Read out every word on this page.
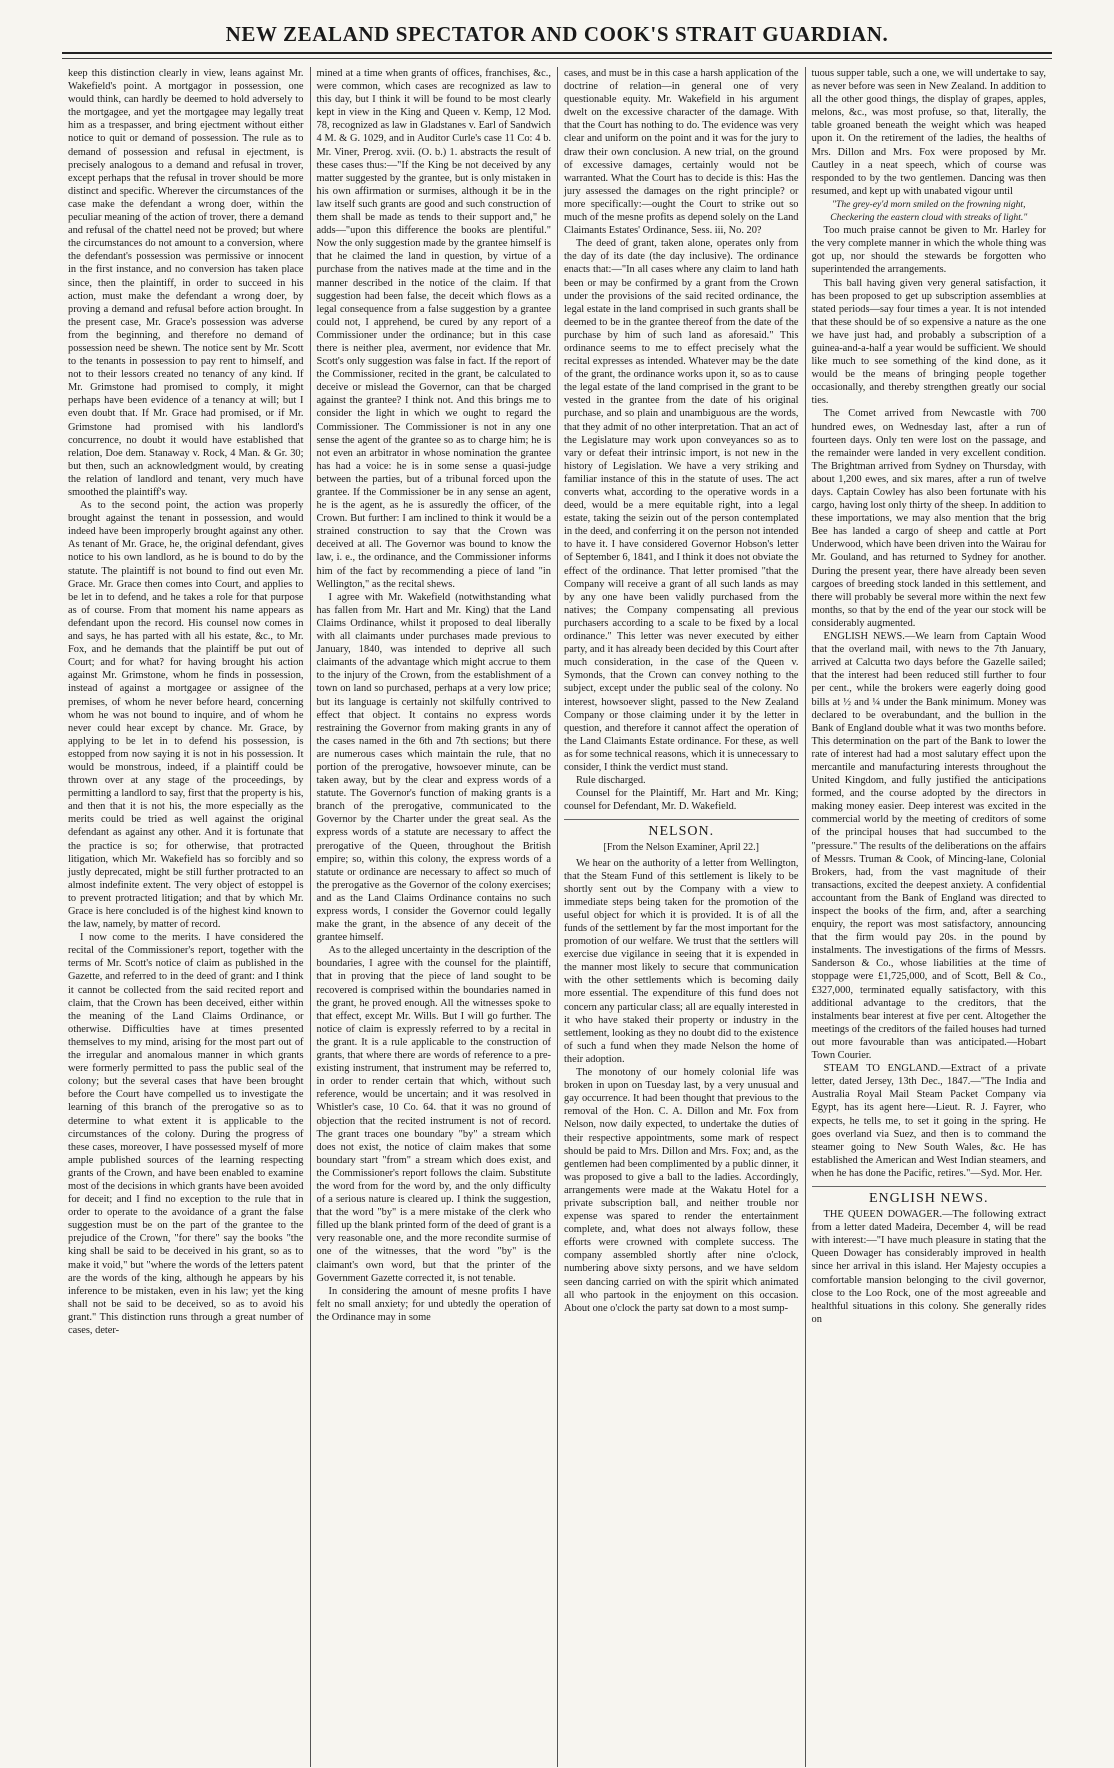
NEW ZEALAND SPECTATOR AND COOK'S STRAIT GUARDIAN.

keep this distinction clearly in view, leans against Mr. Wakefield's point. A mortgagor in possession, one would think, can hardly be deemed to hold adversely to the mortgagee, and yet the mortgagee may legally treat him as a trespasser, and bring ejectment without either notice to quit or demand of possession. The rule as to demand of possession and refusal in ejectment, is precisely analogous to a demand and refusal in trover, except perhaps that the refusal in trover should be more distinct and specific. Wherever the circumstances of the case make the defendant a wrong doer, within the peculiar meaning of the action of trover, there a demand and refusal of the chattel need not be proved; but where the circumstances do not amount to a conversion, where the defendant's possession was permissive or innocent in the first instance, and no conversion has taken place since, then the plaintiff, in order to succeed in his action, must make the defendant a wrong doer, by proving a demand and refusal before action brought. In the present case, Mr. Grace's possession was adverse from the beginning, and therefore no demand of possession need be shewn. The notice sent by Mr. Scott to the tenants in possession to pay rent to himself, and not to their lessors created no tenancy of any kind. If Mr. Grimstone had promised to comply, it might perhaps have been evidence of a tenancy at will; but I even doubt that. If Mr. Grace had promised, or if Mr. Grimstone had promised with his landlord's concurrence, no doubt it would have established that relation, Doe dem. Stanaway v. Rock, 4 Man. & Gr. 30; but then, such an acknowledgment would, by creating the relation of landlord and tenant, very much have smoothed the plaintiff's way.

As to the second point, the action was properly brought against the tenant in possession, and would indeed have been improperly brought against any other. As tenant of Mr. Grace, he, the original defendant, gives notice to his own landlord, as he is bound to do by the statute. The plaintiff is not bound to find out even Mr. Grace. Mr. Grace then comes into Court, and applies to be let in to defend, and he takes a role for that purpose as of course. From that moment his name appears as defendant upon the record. His counsel now comes in and says, he has parted with all his estate, &c., to Mr. Fox, and he demands that the plaintiff be put out of Court; and for what? for having brought his action against Mr. Grimstone, whom he finds in possession, instead of against a mortgagee or assignee of the premises, of whom he never before heard, concerning whom he was not bound to inquire, and of whom he never could hear except by chance. Mr. Grace, by applying to be let in to defend his possession, is estopped from now saying it is not in his possession. It would be monstrous, indeed, if a plaintiff could be thrown over at any stage of the proceedings, by permitting a landlord to say, first that the property is his, and then that it is not his, the more especially as the merits could be tried as well against the original defendant as against any other. And it is fortunate that the practice is so; for otherwise, that protracted litigation, which Mr. Wakefield has so forcibly and so justly deprecated, might be still further protracted to an almost indefinite extent. The very object of estoppel is to prevent protracted litigation; and that by which Mr. Grace is here concluded is of the highest kind known to the law, namely, by matter of record.

I now come to the merits. I have considered the recital of the Commissioner's report, together with the terms of Mr. Scott's notice of claim as published in the Gazette, and referred to in the deed of grant: and I think it cannot be collected from the said recited report and claim, that the Crown has been deceived, either within the meaning of the Land Claims Ordinance, or otherwise. Difficulties have at times presented themselves to my mind, arising for the most part out of the irregular and anomalous manner in which grants were formerly permitted to pass the public seal of the colony; but the several cases that have been brought before the Court have compelled us to investigate the learning of this branch of the prerogative so as to determine to what extent it is applicable to the circumstances of the colony. During the progress of these cases, moreover, I have possessed myself of more ample published sources of the learning respecting grants of the Crown, and have been enabled to examine most of the decisions in which grants have been avoided for deceit; and I find no exception to the rule that in order to operate to the avoidance of a grant the false suggestion must be on the part of the grantee to the prejudice of the Crown, "for there" say the books "the king shall be said to be deceived in his grant, so as to make it void," but "where the words of the letters patent are the words of the king, although he appears by his inference to be mistaken, even in his law; yet the king shall not be said to be deceived, so as to avoid his grant." This distinction runs through a great number of cases, deter-

mined at a time when grants of offices, franchises, &c., were common, which cases are recognized as law to this day, but I think it will be found to be most clearly kept in view in the King and Queen v. Kemp, 12 Mod. 78, recognized as law in Gladstanes v. Earl of Sandwich 4 M. & G. 1029, and in Auditor Curle's case 11 Co: 4 b. Mr. Viner, Prerog. xvii. (O. b.) 1. abstracts the result of these cases thus:—"If the King be not deceived by any matter suggested by the grantee, but is only mistaken in his own affirmation or surmises, although it be in the law itself such grants are good and such construction of them shall be made as tends to their support and," he adds—"upon this difference the books are plentiful." Now the only suggestion made by the grantee himself is that he claimed the land in question, by virtue of a purchase from the natives made at the time and in the manner described in the notice of the claim. If that suggestion had been false, the deceit which flows as a legal consequence from a false suggestion by a grantee could not, I apprehend, be cured by any report of a Commissioner under the ordinance; but in this case there is neither plea, averment, nor evidence that Mr. Scott's only suggestion was false in fact. If the report of the Commissioner, recited in the grant, be calculated to deceive or mislead the Governor, can that be charged against the grantee? I think not. And this brings me to consider the light in which we ought to regard the Commissioner. The Commissioner is not in any one sense the agent of the grantee so as to charge him; he is not even an arbitrator in whose nomination the grantee has had a voice: he is in some sense a quasi-judge between the parties, but of a tribunal forced upon the grantee. If the Commissioner be in any sense an agent, he is the agent, as he is assuredly the officer, of the Crown. But further: I am inclined to think it would be a strained construction to say that the Crown was deceived at all. The Governor was bound to know the law, i. e., the ordinance, and the Commissioner informs him of the fact by recommending a piece of land "in Wellington," as the recital shews.

I agree with Mr. Wakefield (notwithstanding what has fallen from Mr. Hart and Mr. King) that the Land Claims Ordinance, whilst it proposed to deal liberally with all claimants under purchases made previous to January, 1840, was intended to deprive all such claimants of the advantage which might accrue to them to the injury of the Crown, from the establishment of a town on land so purchased, perhaps at a very low price; but its language is certainly not skilfully contrived to effect that object. It contains no express words restraining the Governor from making grants in any of the cases named in the 6th and 7th sections; but there are numerous cases which maintain the rule, that no portion of the prerogative, howsoever minute, can be taken away, but by the clear and express words of a statute. The Governor's function of making grants is a branch of the prerogative, communicated to the Governor by the Charter under the great seal. As the express words of a statute are necessary to affect the prerogative of the Queen, throughout the British empire; so, within this colony, the express words of a statute or ordinance are necessary to affect so much of the prerogative as the Governor of the colony exercises; and as the Land Claims Ordinance contains no such express words, I consider the Governor could legally make the grant, in the absence of any deceit of the grantee himself.

As to the alleged uncertainty in the description of the boundaries, I agree with the counsel for the plaintiff, that in proving that the piece of land sought to be recovered is comprised within the boundaries named in the grant, he proved enough. All the witnesses spoke to that effect, except Mr. Wills. But I will go further. The notice of claim is expressly referred to by a recital in the grant. It is a rule applicable to the construction of grants, that where there are words of reference to a pre-existing instrument, that instrument may be referred to, in order to render certain that which, without such reference, would be uncertain; and it was resolved in Whistler's case, 10 Co. 64. that it was no ground of objection that the recited instrument is not of record. The grant traces one boundary "by" a stream which does not exist, the notice of claim makes that some boundary start "from" a stream which does exist, and the Commissioner's report follows the claim. Substitute the word from for the word by, and the only difficulty of a serious nature is cleared up. I think the suggestion, that the word "by" is a mere mistake of the clerk who filled up the blank printed form of the deed of grant is a very reasonable one, and the more recondite surmise of one of the witnesses, that the word "by" is the claimant's own word, but that the printer of the Government Gazette corrected it, is not tenable.

In considering the amount of mesne profits I have felt no small anxiety; for und ubtedly the operation of the Ordinance may in some

cases, and must be in this case a harsh application of the doctrine of relation—in general one of very questionable equity. Mr. Wakefield in his argument dwelt on the excessive character of the damage. With that the Court has nothing to do. The evidence was very clear and uniform on the point and it was for the jury to draw their own conclusion. A new trial, on the ground of excessive damages, certainly would not be warranted. What the Court has to decide is this: Has the jury assessed the damages on the right principle? or more specifically:—ought the Court to strike out so much of the mesne profits as depend solely on the Land Claimants Estates' Ordinance, Sess. iii, No. 20?

The deed of grant, taken alone, operates only from the day of its date (the day inclusive). The ordinance enacts that:—"In all cases where any claim to land hath been or may be confirmed by a grant from the Crown under the provisions of the said recited ordinance, the legal estate in the land comprised in such grants shall be deemed to be in the grantee thereof from the date of the purchase by him of such land as aforesaid." This ordinance seems to me to effect precisely what the recital expresses as intended. Whatever may be the date of the grant, the ordinance works upon it, so as to cause the legal estate of the land comprised in the grant to be vested in the grantee from the date of his original purchase, and so plain and unambiguous are the words, that they admit of no other interpretation. That an act of the Legislature may work upon conveyances so as to vary or defeat their intrinsic import, is not new in the history of Legislation. We have a very striking and familiar instance of this in the statute of uses. The act converts what, according to the operative words in a deed, would be a mere equitable right, into a legal estate, taking the seizin out of the person contemplated in the deed, and conferring it on the person not intended to have it. I have considered Governor Hobson's letter of September 6, 1841, and I think it does not obviate the effect of the ordinance. That letter promised "that the Company will receive a grant of all such lands as may by any one have been validly purchased from the natives; the Company compensating all previous purchasers according to a scale to be fixed by a local ordinance." This letter was never executed by either party, and it has already been decided by this Court after much consideration, in the case of the Queen v. Symonds, that the Crown can convey nothing to the subject, except under the public seal of the colony. No interest, howsoever slight, passed to the New Zealand Company or those claiming under it by the letter in question, and therefore it cannot affect the operation of the Land Claimants Estate ordinance. For these, as well as for some technical reasons, which it is unnecessary to consider, I think the verdict must stand.

Rule discharged.

Counsel for the Plaintiff, Mr. Hart and Mr. King; counsel for Defendant, Mr. D. Wakefield.

NELSON.
[From the Nelson Examiner, April 22.]

We hear on the authority of a letter from Wellington, that the Steam Fund of this settlement is likely to be shortly sent out by the Company with a view to immediate steps being taken for the promotion of the useful object for which it is provided. It is of all the funds of the settlement by far the most important for the promotion of our welfare. We trust that the settlers will exercise due vigilance in seeing that it is expended in the manner most likely to secure that communication with the other settlements which is becoming daily more essential. The expenditure of this fund does not concern any particular class; all are equally interested in it who have staked their property or industry in the settlement, looking as they no doubt did to the existence of such a fund when they made Nelson the home of their adoption.

The monotony of our homely colonial life was broken in upon on Tuesday last, by a very unusual and gay occurrence. It had been thought that previous to the removal of the Hon. C. A. Dillon and Mr. Fox from Nelson, now daily expected, to undertake the duties of their respective appointments, some mark of respect should be paid to Mrs. Dillon and Mrs. Fox; and, as the gentlemen had been complimented by a public dinner, it was proposed to give a ball to the ladies. Accordingly, arrangements were made at the Wakatu Hotel for a private subscription ball, and neither trouble nor expense was spared to render the entertainment complete, and, what does not always follow, these efforts were crowned with complete success. The company assembled shortly after nine o'clock, numbering above sixty persons, and we have seldom seen dancing carried on with the spirit which animated all who partook in the enjoyment on this occasion. About one o'clock the party sat down to a most sump-

tuous supper table, such a one, we will undertake to say, as never before was seen in New Zealand. In addition to all the other good things, the display of grapes, apples, melons, &c., was most profuse, so that, literally, the table groaned beneath the weight which was heaped upon it. On the retirement of the ladies, the healths of Mrs. Dillon and Mrs. Fox were proposed by Mr. Cautley in a neat speech, which of course was responded to by the two gentlemen. Dancing was then resumed, and kept up with unabated vigour until

"The grey-ey'd morn smiled on the frowning night,

Checkering the eastern cloud with streaks of light."

Too much praise cannot be given to Mr. Harley for the very complete manner in which the whole thing was got up, nor should the stewards be forgotten who superintended the arrangements.

This ball having given very general satisfaction, it has been proposed to get up subscription assemblies at stated periods—say four times a year. It is not intended that these should be of so expensive a nature as the one we have just had, and probably a subscription of a guinea-and-a-half a year would be sufficient. We should like much to see something of the kind done, as it would be the means of bringing people together occasionally, and thereby strengthen greatly our social ties.

The Comet arrived from Newcastle with 700 hundred ewes, on Wednesday last, after a run of fourteen days. Only ten were lost on the passage, and the remainder were landed in very excellent condition. The Brightman arrived from Sydney on Thursday, with about 1,200 ewes, and six mares, after a run of twelve days. Captain Cowley has also been fortunate with his cargo, having lost only thirty of the sheep. In addition to these importations, we may also mention that the brig Bee has landed a cargo of sheep and cattle at Port Underwood, which have been driven into the Wairau for Mr. Gouland, and has returned to Sydney for another. During the present year, there have already been seven cargoes of breeding stock landed in this settlement, and there will probably be several more within the next few months, so that by the end of the year our stock will be considerably augmented.

ENGLISH NEWS.—We learn from Captain Wood that the overland mail, with news to the 7th January, arrived at Calcutta two days before the Gazelle sailed; that the interest had been reduced still further to four per cent., while the brokers were eagerly doing good bills at ½ and ¼ under the Bank minimum. Money was declared to be overabundant, and the bullion in the Bank of England double what it was two months before. This determination on the part of the Bank to lower the rate of interest had had a most salutary effect upon the mercantile and manufacturing interests throughout the United Kingdom, and fully justified the anticipations formed, and the course adopted by the directors in making money easier. Deep interest was excited in the commercial world by the meeting of creditors of some of the principal houses that had succumbed to the "pressure." The results of the deliberations on the affairs of Messrs. Truman & Cook, of Mincing-lane, Colonial Brokers, had, from the vast magnitude of their transactions, excited the deepest anxiety. A confidential accountant from the Bank of England was directed to inspect the books of the firm, and, after a searching enquiry, the report was most satisfactory, announcing that the firm would pay 20s. in the pound by instalments. The investigations of the firms of Messrs. Sanderson & Co., whose liabilities at the time of stoppage were £1,725,000, and of Scott, Bell & Co., £327,000, terminated equally satisfactory, with this additional advantage to the creditors, that the instalments bear interest at five per cent. Altogether the meetings of the creditors of the failed houses had turned out more favourable than was anticipated.—Hobart Town Courier.

STEAM TO ENGLAND.—Extract of a private letter, dated Jersey, 13th Dec., 1847.—"The India and Australia Royal Mail Steam Packet Company via Egypt, has its agent here—Lieut. R. J. Fayrer, who expects, he tells me, to set it going in the spring. He goes overland via Suez, and then is to command the steamer going to New South Wales, &c. He has established the American and West Indian steamers, and when he has done the Pacific, retires."—Syd. Mor. Her.

ENGLISH NEWS.

THE QUEEN DOWAGER.—The following extract from a letter dated Madeira, December 4, will be read with interest:—"I have much pleasure in stating that the Queen Dowager has considerably improved in health since her arrival in this island. Her Majesty occupies a comfortable mansion belonging to the civil governor, close to the Loo Rock, one of the most agreeable and healthful situations in this colony. She generally rides on
